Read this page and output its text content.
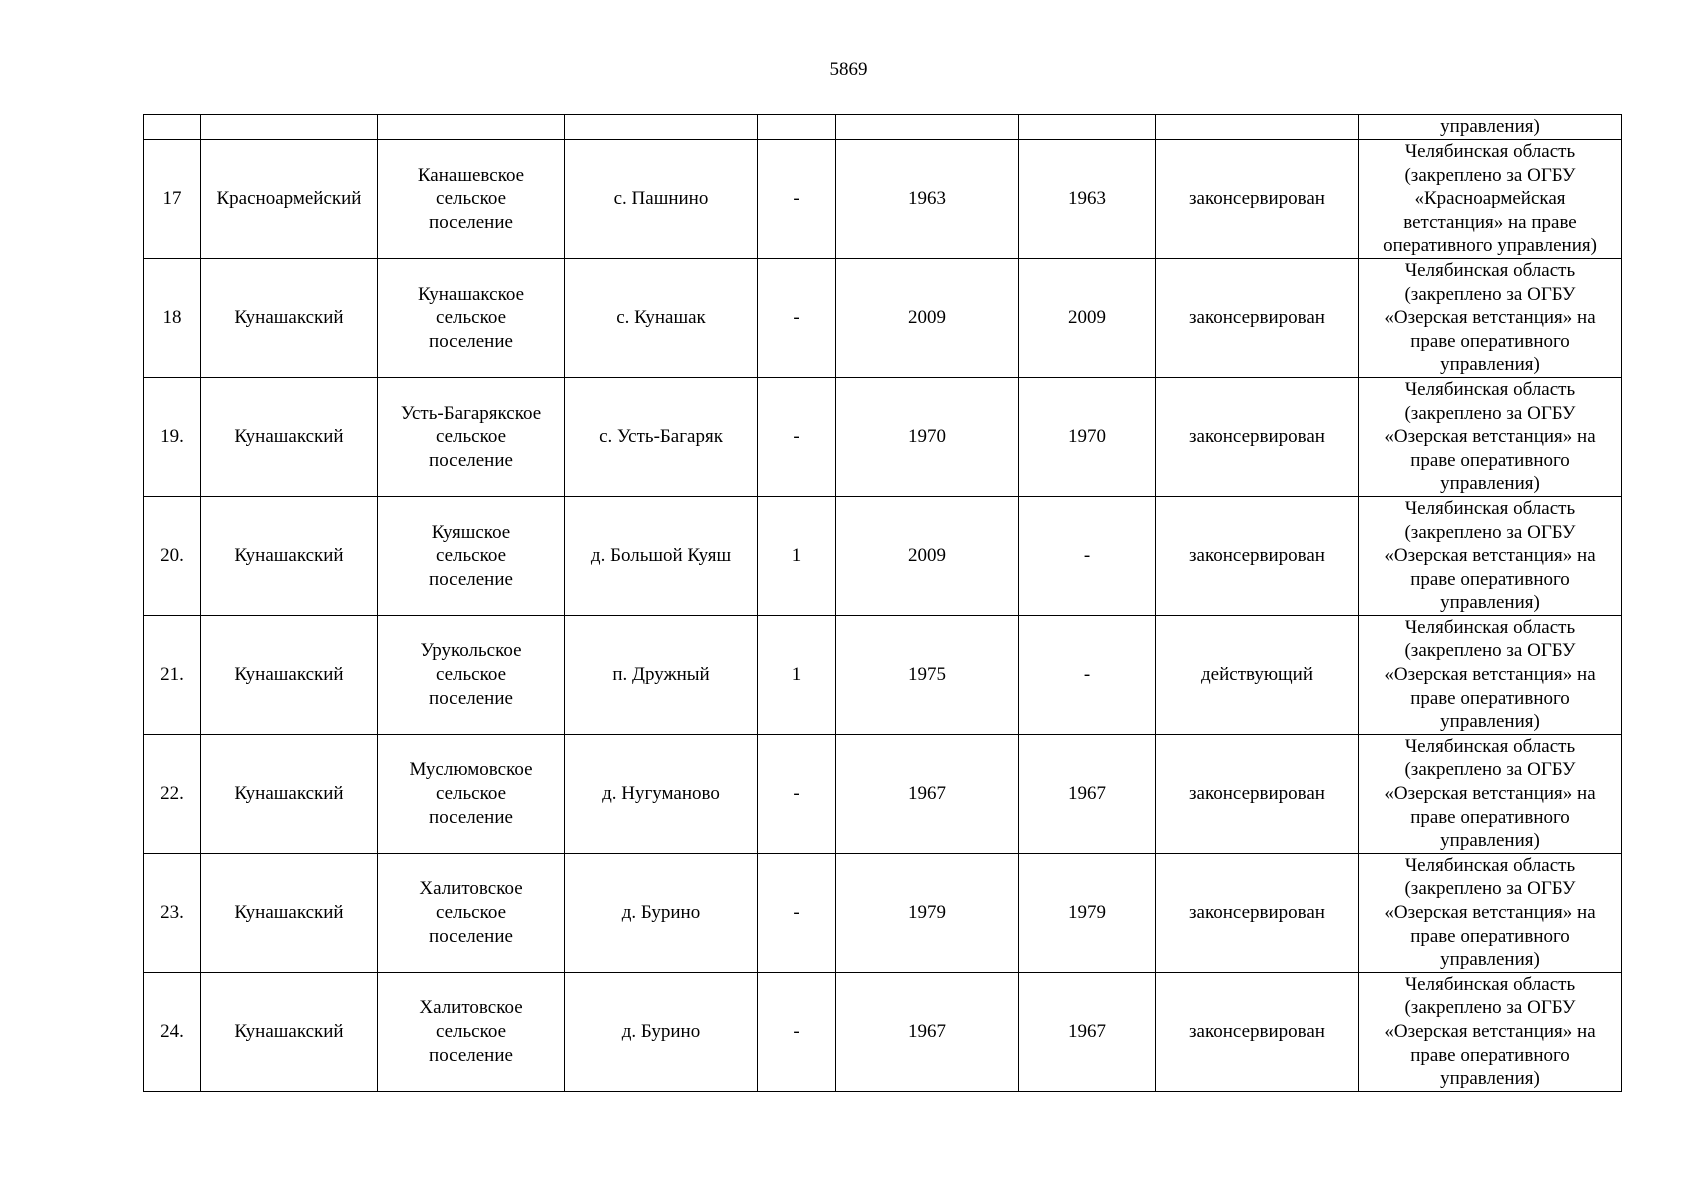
5869
								управления)

17	Красноармейский	Канашевское
сельское
поселение	с. Пашнино	-	1963	1963	законсервирован	Челябинская область
(закреплено за ОГБУ
«Красноармейская
ветстанция» на праве
оперативного управления)

18	Кунашакский	Кунашакское
сельское
поселение	с. Кунашак	-	2009	2009	законсервирован	Челябинская область
(закреплено за ОГБУ
«Озерская ветстанция» на
праве оперативного
управления)

19.	Кунашакский	Усть-Багарякское
сельское
поселение	с. Усть-Багаряк	-	1970	1970	законсервирован	Челябинская область
(закреплено за ОГБУ
«Озерская ветстанция» на
праве оперативного
управления)

20.	Кунашакский	Куяшское
сельское
поселение	д. Большой Куяш	1	2009	-	законсервирован	Челябинская область
(закреплено за ОГБУ
«Озерская ветстанция» на
праве оперативного
управления)

21.	Кунашакский	Урукольское
сельское
поселение	п. Дружный	1	1975	-	действующий	Челябинская область
(закреплено за ОГБУ
«Озерская ветстанция» на
праве оперативного
управления)

22.	Кунашакский	Муслюмовское
сельское
поселение	д. Нугуманово	-	1967	1967	законсервирован	Челябинская область
(закреплено за ОГБУ
«Озерская ветстанция» на
праве оперативного
управления)

23.	Кунашакский	Халитовское
сельское
поселение	д. Бурино	-	1979	1979	законсервирован	Челябинская область
(закреплено за ОГБУ
«Озерская ветстанция» на
праве оперативного
управления)

24.	Кунашакский	Халитовское
сельское
поселение	д. Бурино	-	1967	1967	законсервирован	Челябинская область
(закреплено за ОГБУ
«Озерская ветстанция» на
праве оперативного
управления)
